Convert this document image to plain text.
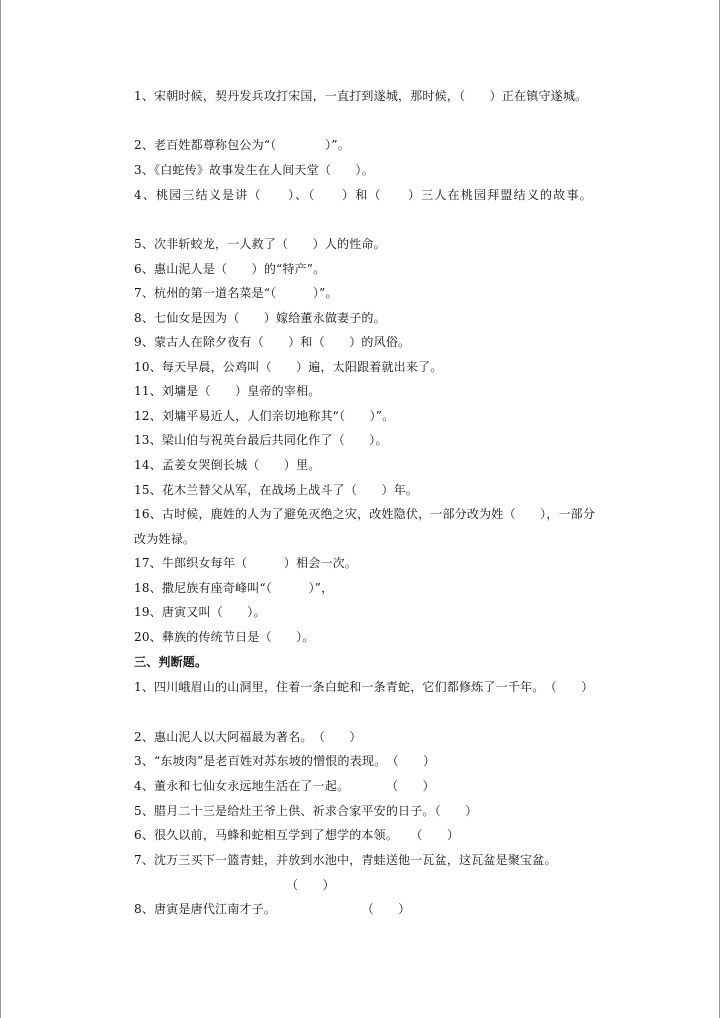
1、宋朝时候，契丹发兵攻打宋国，一直打到遂城，那时候，（　　）正在镇守遂城。
2、老百姓都尊称包公为“（　　　　）”。
3、《白蛇传》故事发生在人间天堂（　　）。
4、桃园三结义是讲（　　）、（　　）和（　　）三人在桃园拜盟结义的故事。
5、次非斩蛟龙，一人救了（　　）人的性命。
6、惠山泥人是（　　）的“特产”。
7、杭州的第一道名菜是“（　　　）”。
8、七仙女是因为（　　）嫁给董永做妻子的。
9、蒙古人在除夕夜有（　　）和（　　）的风俗。
10、每天早晨，公鸡叫（　　）遍，太阳跟着就出来了。
11、刘墉是（　　）皇帝的宰相。
12、刘墉平易近人，人们亲切地称其“（　　）”。
13、梁山伯与祝英台最后共同化作了（　　）。
14、孟姜女哭倒长城（　　）里。
15、花木兰替父从军，在战场上战斗了（　　）年。
16、古时候，鹿姓的人为了避免灭绝之灾，改姓隐伏，一部分改为姓（　　），一部分
改为姓禄。
17、牛郎织女每年（　　　）相会一次。
18、撒尼族有座奇峰叫“（　　　）”，
19、唐寅又叫（　　）。
20、彝族的传统节日是（　　）。
三、判断题。
1、四川峨眉山的山洞里，住着一条白蛇和一条青蛇，它们都修炼了一千年。　（　　）
2、惠山泥人以大阿福最为著名。　（　　）
3、“东坡肉”是老百姓对苏东坡的憎恨的表现。　（　　）
4、董永和七仙女永远地生活在了一起。　　　　（　　）
5、腊月二十三是给灶王爷上供、祈求合家平安的日子。（　　）
6、很久以前，马蜂和蛇相互学到了想学的本领。　　（　　）
7、沈万三买下一篮青蛙，并放到水池中，青蛙送他一瓦盆，这瓦盆是聚宝盆。
（　　）
8、唐寅是唐代江南才子。　　　　　　　　（　　）
